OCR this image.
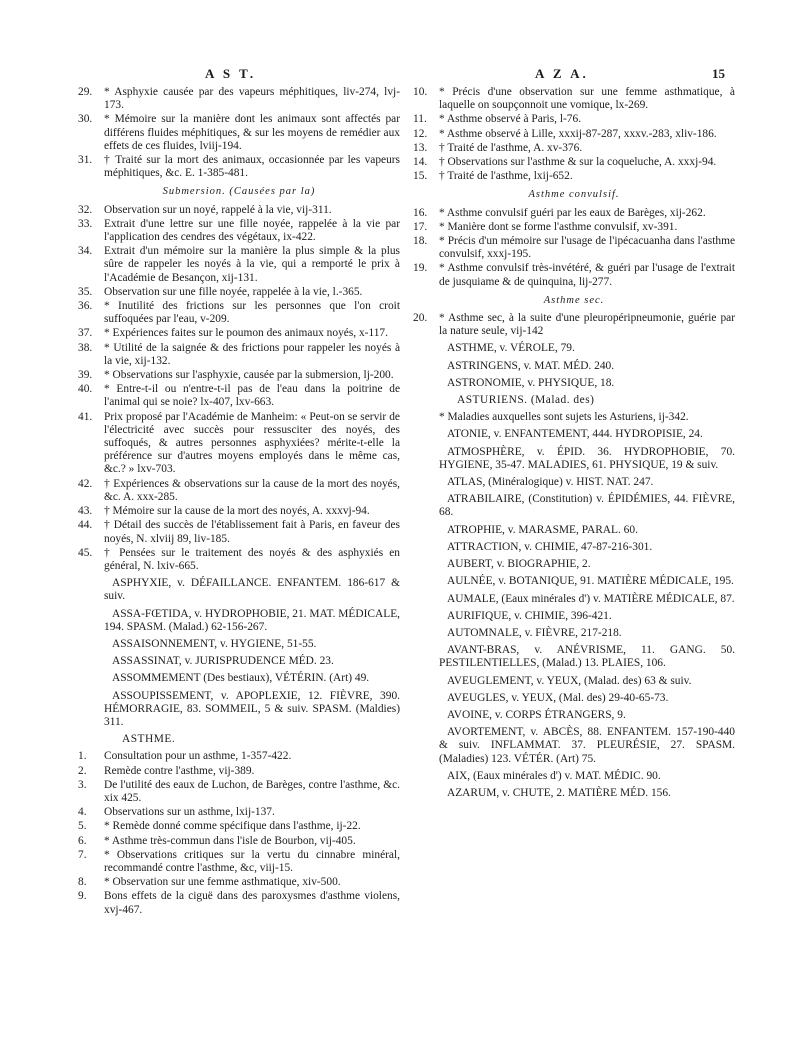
A S T.	A Z A.	15
29.	* Asphyxie causée par des vapeurs méphitiques, liv-274, lvj-173.
30.	* Mémoire sur la manière dont les animaux sont affectés par différens fluides méphitiques, & sur les moyens de remédier aux effets de ces fluides, lviij-194.
31.	† Traité sur la mort des animaux, occasionnée par les vapeurs méphitiques, &c. E. 1-385-481.
Submersion. (Causées par la)
32.	Observation sur un noyé, rappelé à la vie, vij-311.
33.	Extrait d'une lettre sur une fille noyée, rappelée à la vie par l'application des cendres des végétaux, ix-422.
34.	Extrait d'un mémoire sur la manière la plus simple & la plus sûre de rappeler les noyés à la vie, qui a remporté le prix à l'Académie de Besançon, xij-131.
35.	Observation sur une fille noyée, rappelée à la vie, l.-365.
36.	* Inutilité des frictions sur les personnes que l'on croit suffoquées par l'eau, v-209.
37.	* Expériences faites sur le poumon des animaux noyés, x-117.
38.	* Utilité de la saignée & des frictions pour rappeler les noyés à la vie, xij-132.
39.	* Observations sur l'asphyxie, causée par la submersion, lj-200.
40.	* Entre-t-il ou n'entre-t-il pas de l'eau dans la poitrine de l'animal qui se noie? lx-407, lxv-663.
41.	Prix proposé par l'Académie de Manheim: « Peut-on se servir de l'électricité avec succès pour ressusciter des noyés, des suffoqués, & autres personnes asphyxiées? mérite-t-elle la préférence sur d'autres moyens employés dans le même cas, &c.? » lxv-703.
42.	† Expériences & observations sur la cause de la mort des noyés, &c. A. xxx-285.
43.	† Mémoire sur la cause de la mort des noyés, A. xxxvj-94.
44.	† Détail des succès de l'établissement fait à Paris, en faveur des noyés, N. xlviij 89, liv-185.
45.	† Pensées sur le traitement des noyés & des asphyxiés en général, N. lxiv-665.
ASPHYXIE, v. DÉFAILLANCE. ENFANTEM. 186-617 & suiv.
ASSA-FŒTIDA, v. HYDROPHOBIE, 21. MAT. MÉDICALE, 194. SPASM. (Malad.) 62-156-267.
ASSAISONNEMENT, v. HYGIENE, 51-55.
ASSASSINAT, v. JURISPRUDENCE MÉD. 23.
ASSOMMEMENT (Des bestiaux), VÉTÉRIN. (Art) 49.
ASSOUPISSEMENT, v. APOPLEXIE, 12. FIÈVRE, 390. HÉMORRAGIE, 83. SOMMEIL, 5 & suiv. SPASM. (Maldies) 311.
ASTHME.
1.	Consultation pour un asthme, 1-357-422.
2.	Remède contre l'asthme, vij-389.
3.	De l'utilité des eaux de Luchon, de Barèges, contre l'asthme, &c. xix 425.
4.	Observations sur un asthme, lxij-137.
5.	* Remède donné comme spécifique dans l'asthme, ij-22.
6.	* Asthme très-commun dans l'isle de Bourbon, vij-405.
7.	* Observations critiques sur la vertu du cinnabre minéral, recommandé contre l'asthme, &c, viij-15.
8.	* Observation sur une femme asthmatique, xiv-500.
9.	Bons effets de la ciguë dans des paroxysmes d'asthme violens, xvj-467.
10.	* Précis d'une observation sur une femme asthmatique, à laquelle on soupçonnoit une vomique, lx-269.
11.	* Asthme observé à Paris, l-76.
12.	* Asthme observé à Lille, xxxij-87-287, xxxv.-283, xliv-186.
13.	† Traité de l'asthme, A. xv-376.
14.	† Observations sur l'asthme & sur la coqueluche, A. xxxj-94.
15.	† Traité de l'asthme, lxij-652.
Asthme convulsif.
16.	* Asthme convulsif guéri par les eaux de Barèges, xij-262.
17.	* Manière dont se forme l'asthme convulsif, xv-391.
18.	* Précis d'un mémoire sur l'usage de l'ipécacuanha dans l'asthme convulsif, xxxj-195.
19.	* Asthme convulsif très-invétéré, & guéri par l'usage de l'extrait de jusquiame & de quinquina, lij-277.
Asthme sec.
20.	* Asthme sec, à la suite d'une pleuropéripneumonie, guérie par la nature seule, vij-142
ASTHME, v. VÉROLE, 79.
ASTRINGENS, v. MAT. MÉD. 240.
ASTRONOMIE, v. PHYSIQUE, 18.
ASTURIENS. (Malad. des)
* Maladies auxquelles sont sujets les Asturiens, ij-342.
ATONIE, v. ENFANTEMENT, 444. HYDROPISIE, 24.
ATMOSPHÈRE, v. ÉPID. 36. HYDROPHOBIE, 70. HYGIENE, 35-47. MALADIES, 61. PHYSIQUE, 19 & suiv.
ATLAS, (Minéralogique) v. HIST. NAT. 247.
ATRABILAIRE, (Constitution) v. ÉPIDÉMIES, 44. FIÈVRE, 68.
ATROPHIE, v. MARASME, PARAL. 60.
ATTRACTION, v. CHIMIE, 47-87-216-301.
AUBERT, v. BIOGRAPHIE, 2.
AULNÉE, v. BOTANIQUE, 91. MATIÈRE MÉDICALE, 195.
AUMALE, (Eaux minérales d') v. MATIÈRE MÉDICALE, 87.
AURIFIQUE, v. CHIMIE, 396-421.
AUTOMNALE, v. FIÈVRE, 217-218.
AVANT-BRAS, v. ANÉVRISME, 11. GANG. 50. PESTILENTIELLES, (Malad.) 13. PLAIES, 106.
AVEUGLEMENT, v. YEUX, (Malad. des) 63 & suiv.
AVEUGLES, v. YEUX, (Mal. des) 29-40-65-73.
AVOINE, v. CORPS ÉTRANGERS, 9.
AVORTEMENT, v. ABCÈS, 88. ENFANTEM. 157-190-440 & suiv. INFLAMMAT. 37. PLEURÉSIE, 27. SPASM. (Maladies) 123. VÉTÉR. (Art) 75.
AIX, (Eaux minérales d') v. MAT. MÉDIC. 90.
AZARUM, v. CHUTE, 2. MATIÈRE MÉD. 156.
